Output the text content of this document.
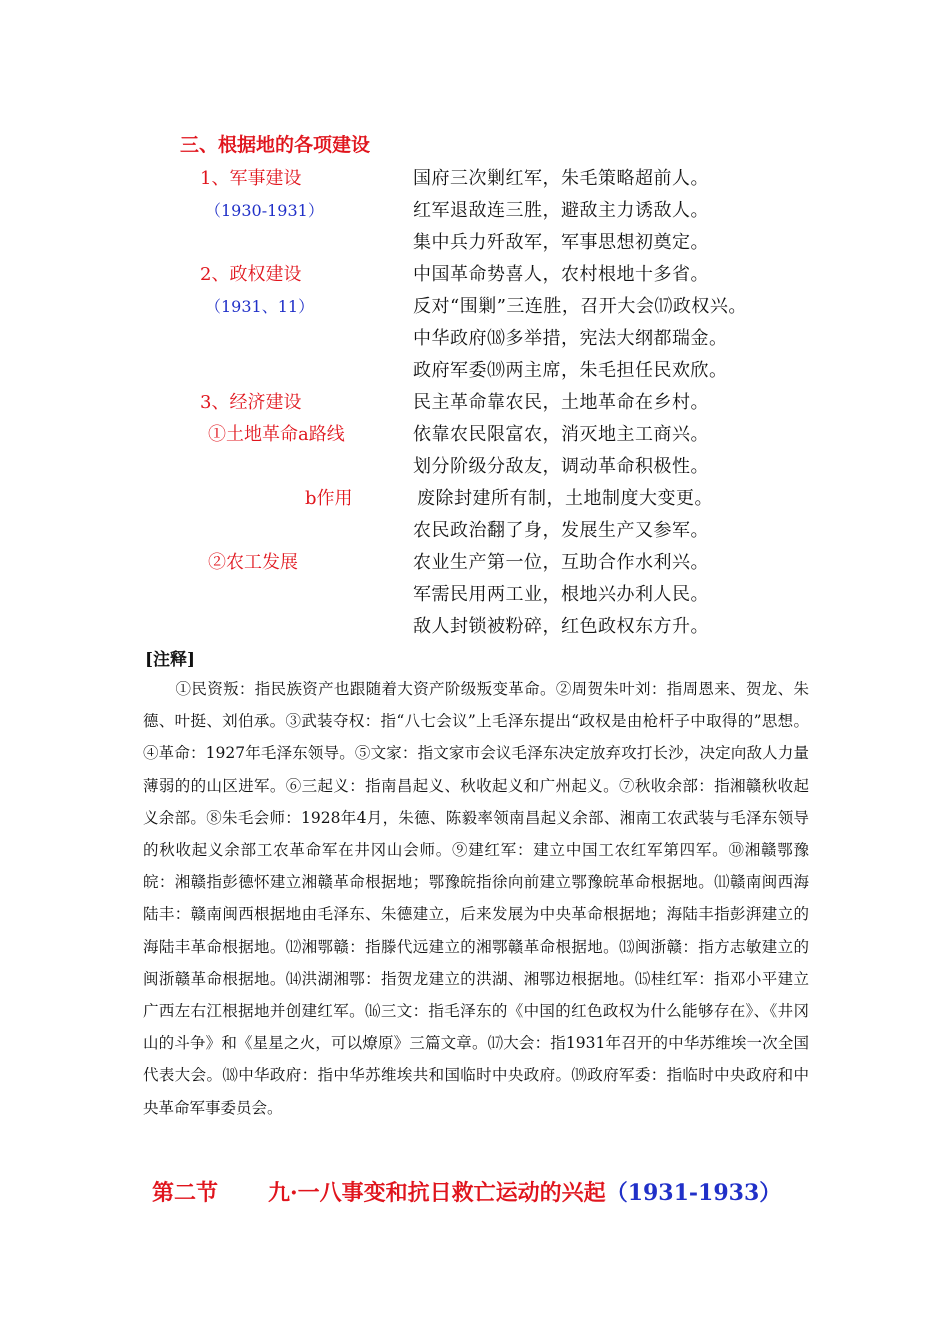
三、根据地的各项建设
1、军事建设
（1930-1931）
2、政权建设
（1931、11）
3、经济建设
①土地革命a路线
b作用
②农工发展
国府三次剿红军，朱毛策略超前人。
红军退敌连三胜，避敌主力诱敌人。
集中兵力歼敌军，军事思想初奠定。
中国革命势喜人，农村根地十多省。
反对“围剿”三连胜，召开大会⒄政权兴。
中华政府⒅多举措，宪法大纲都瑞金。
政府军委⒆两主席，朱毛担任民欢欣。
民主革命靠农民，土地革命在乡村。
依靠农民限富农，消灭地主工商兴。
划分阶级分敌友，调动革命积极性。
废除封建所有制，土地制度大变更。
农民政治翻了身，发展生产又参军。
农业生产第一位，互助合作水利兴。
军需民用两工业，根地兴办利人民。
敌人封锁被粉碎，红色政权东方升。
[注释]

①民资叛：指民族资产也跟随着大资产阶级叛变革命。②周贺朱叶刘：指周恩来、贺龙、朱德、叶挺、刘伯承。③武装夺权：指“八七会议”上毛泽东提出“政权是由枪杆子中取得的”思想。④革命：1927年毛泽东领导。⑤文家：指文家市会议毛泽东决定放弃攻打长沙，决定向敌人力量薄弱的的山区进军。⑥三起义：指南昌起义、秋收起义和广州起义。⑦秋收余部：指湘赣秋收起义余部。⑧朱毛会师：1928年4月，朱德、陈毅率领南昌起义余部、湘南工农武装与毛泽东领导的秋收起义余部工农革命军在井冈山会师。⑨建红军：建立中国工农红军第四军。⑩湘赣鄂豫皖：湘赣指彭德怀建立湘赣革命根据地；鄂豫皖指徐向前建立鄂豫皖革命根据地。⑾赣南闽西海陆丰：赣南闽西根据地由毛泽东、朱德建立，后来发展为中央革命根据地；海陆丰指彭湃建立的海陆丰革命根据地。⑿湘鄂赣：指滕代远建立的湘鄂赣革命根据地。⒀闽浙赣：指方志敏建立的闽浙赣革命根据地。⒁洪湖湘鄂：指贺龙建立的洪湖、湘鄂边根据地。⒂桂红军：指邓小平建立广西左右江根据地并创建红军。⒃三文：指毛泽东的《中国的红色政权为什么能够存在》、《井冈山的斗争》和《星星之火，可以燎原》三篇文章。⒄大会：指1931年召开的中华苏维埃一次全国代表大会。⒅中华政府：指中华苏维埃共和国临时中央政府。⒆政府军委：指临时中央政府和中央革命军事委员会。

第二节 九·一八事变和抗日救亡运动的兴起（1931-1933）
